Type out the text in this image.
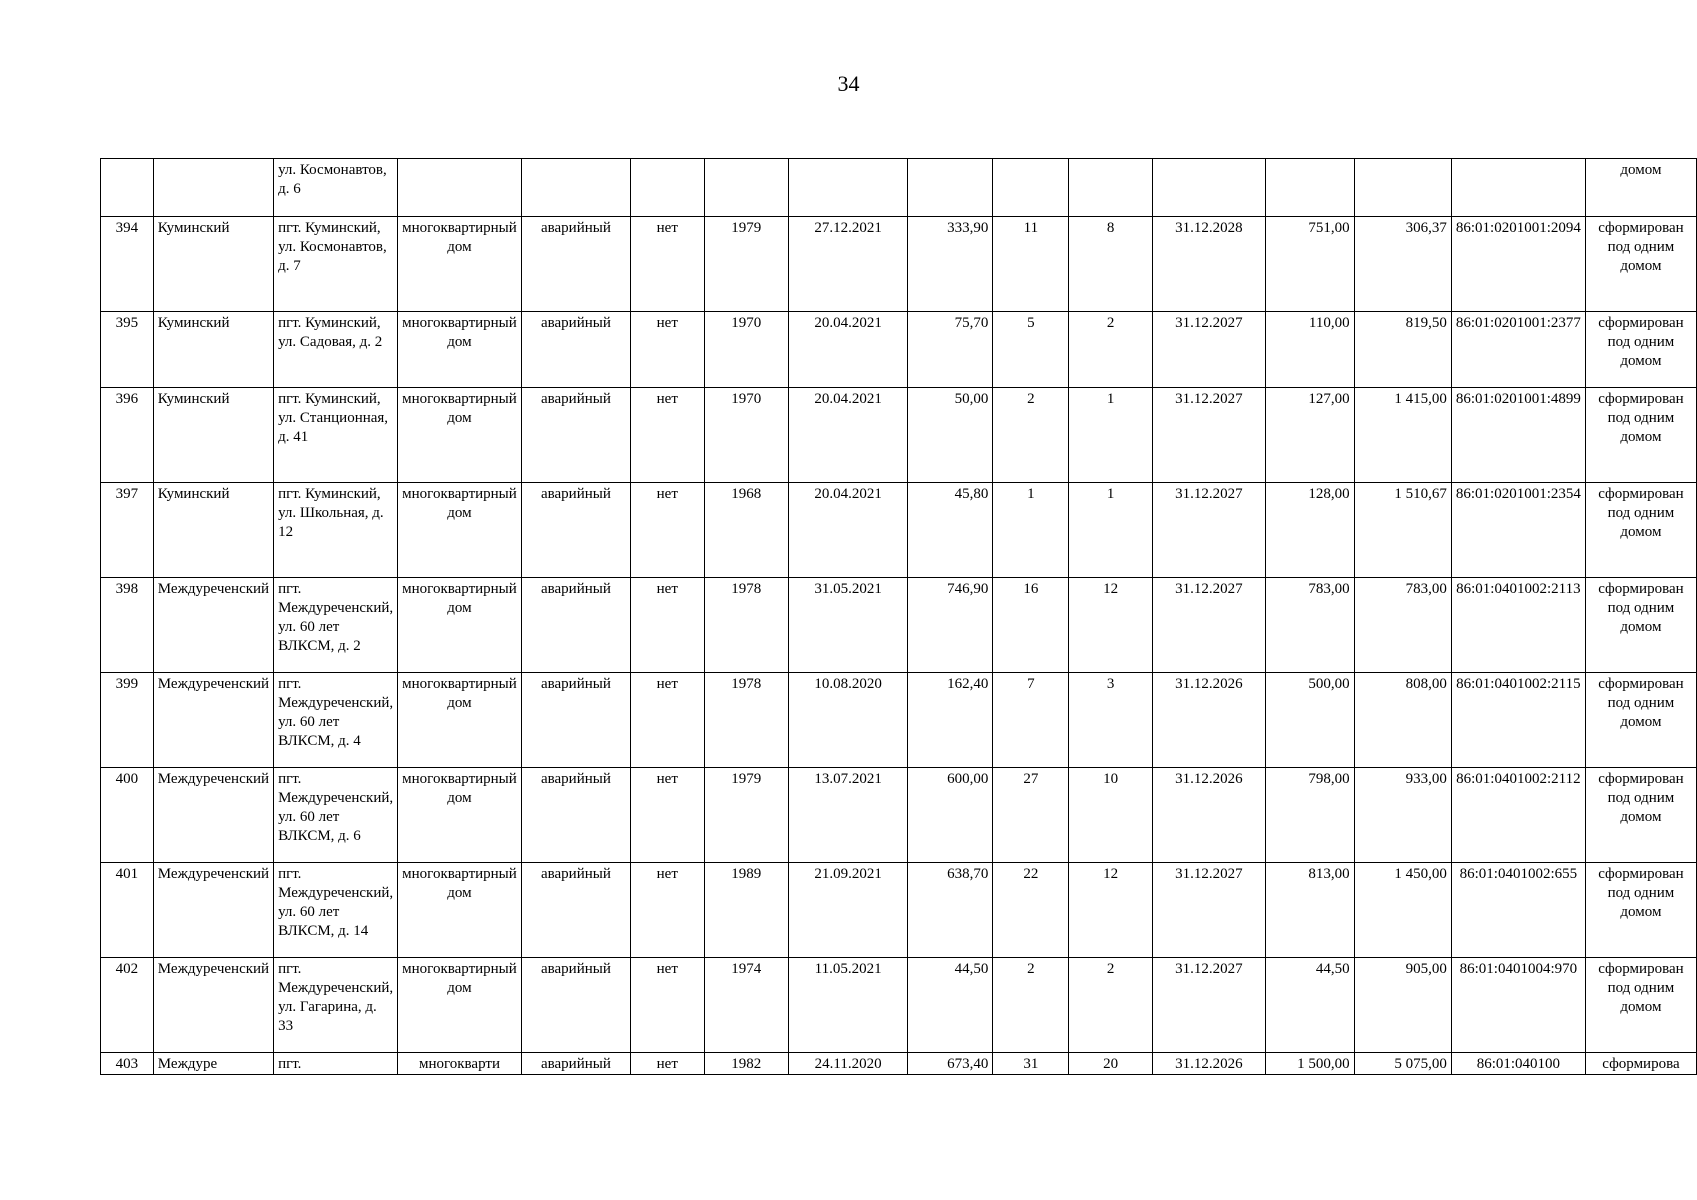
34
		ул. Космонавтов, д. 6													домом
394	Куминский	пгт. Куминский, ул. Космонавтов, д. 7	многоквартирный дом	аварийный	нет	1979	27.12.2021	333,90	11	8	31.12.2028	751,00	306,37	86:01:0201001:2094	сформирован под одним домом
395	Куминский	пгт. Куминский, ул. Садовая, д. 2	многоквартирный дом	аварийный	нет	1970	20.04.2021	75,70	5	2	31.12.2027	110,00	819,50	86:01:0201001:2377	сформирован под одним домом
396	Куминский	пгт. Куминский, ул. Станционная, д. 41	многоквартирный дом	аварийный	нет	1970	20.04.2021	50,00	2	1	31.12.2027	127,00	1 415,00	86:01:0201001:4899	сформирован под одним домом
397	Куминский	пгт. Куминский, ул. Школьная, д. 12	многоквартирный дом	аварийный	нет	1968	20.04.2021	45,80	1	1	31.12.2027	128,00	1 510,67	86:01:0201001:2354	сформирован под одним домом
398	Междуреченский	пгт. Междуреченский, ул. 60 лет ВЛКСМ, д. 2	многоквартирный дом	аварийный	нет	1978	31.05.2021	746,90	16	12	31.12.2027	783,00	783,00	86:01:0401002:2113	сформирован под одним домом
399	Междуреченский	пгт. Междуреченский, ул. 60 лет ВЛКСМ, д. 4	многоквартирный дом	аварийный	нет	1978	10.08.2020	162,40	7	3	31.12.2026	500,00	808,00	86:01:0401002:2115	сформирован под одним домом
400	Междуреченский	пгт. Междуреченский, ул. 60 лет ВЛКСМ, д. 6	многоквартирный дом	аварийный	нет	1979	13.07.2021	600,00	27	10	31.12.2026	798,00	933,00	86:01:0401002:2112	сформирован под одним домом
401	Междуреченский	пгт. Междуреченский, ул. 60 лет ВЛКСМ, д. 14	многоквартирный дом	аварийный	нет	1989	21.09.2021	638,70	22	12	31.12.2027	813,00	1 450,00	86:01:0401002:655	сформирован под одним домом
402	Междуреченский	пгт. Междуреченский, ул. Гагарина, д. 33	многоквартирный дом	аварийный	нет	1974	11.05.2021	44,50	2	2	31.12.2027	44,50	905,00	86:01:0401004:970	сформирован под одним домом
403	Междуре	пгт.	многокварти	аварийный	нет	1982	24.11.2020	673,40	31	20	31.12.2026	1 500,00	5 075,00	86:01:040100	сформирова
